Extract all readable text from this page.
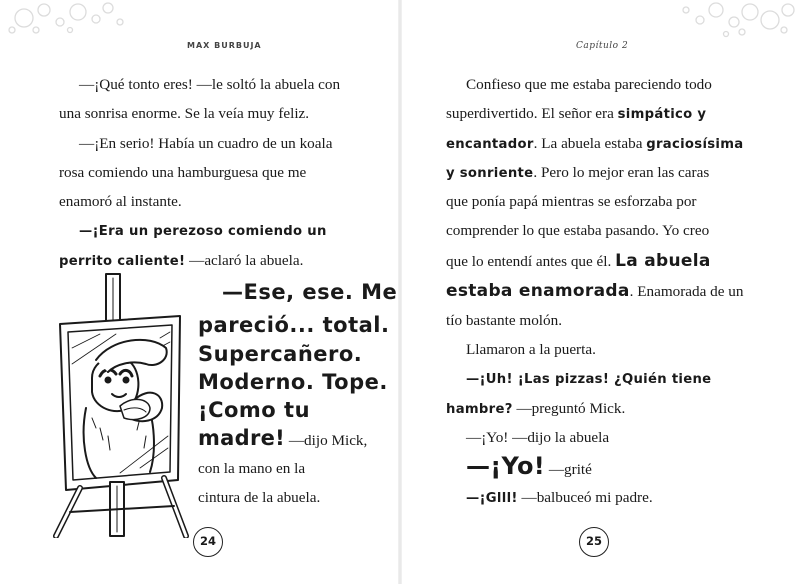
MAX BURBUJA
—¡Qué tonto eres! —le soltó la abuela con
una sonrisa enorme. Se la veía muy feliz.
—¡En serio! Había un cuadro de un koala
rosa comiendo una hamburguesa que me
enamoró al instante.
—¡Era un perezoso comiendo un
perrito caliente! —aclaró la abuela.
—Ese, ese. Me
pareció... total.
Supercañero.
Moderno. Tope.
¡Como tu
madre! —dijo Mick,
con la mano en la
cintura de la abuela.
24
Capítulo 2
Confieso que me estaba pareciendo todo
superdivertido. El señor era simpático y
encantador. La abuela estaba graciosísima
y sonriente. Pero lo mejor eran las caras
que ponía papá mientras se esforzaba por
comprender lo que estaba pasando. Yo creo
que lo entendí antes que él. La abuela
estaba enamorada. Enamorada de un
tío bastante molón.
Llamaron a la puerta.
—¡Uh! ¡Las pizzas! ¿Quién tiene
hambre? —preguntó Mick.
—¡Yo! —dijo la abuela
—¡Yo! —grité
—¡Glll! —balbuceó mi padre.
25
